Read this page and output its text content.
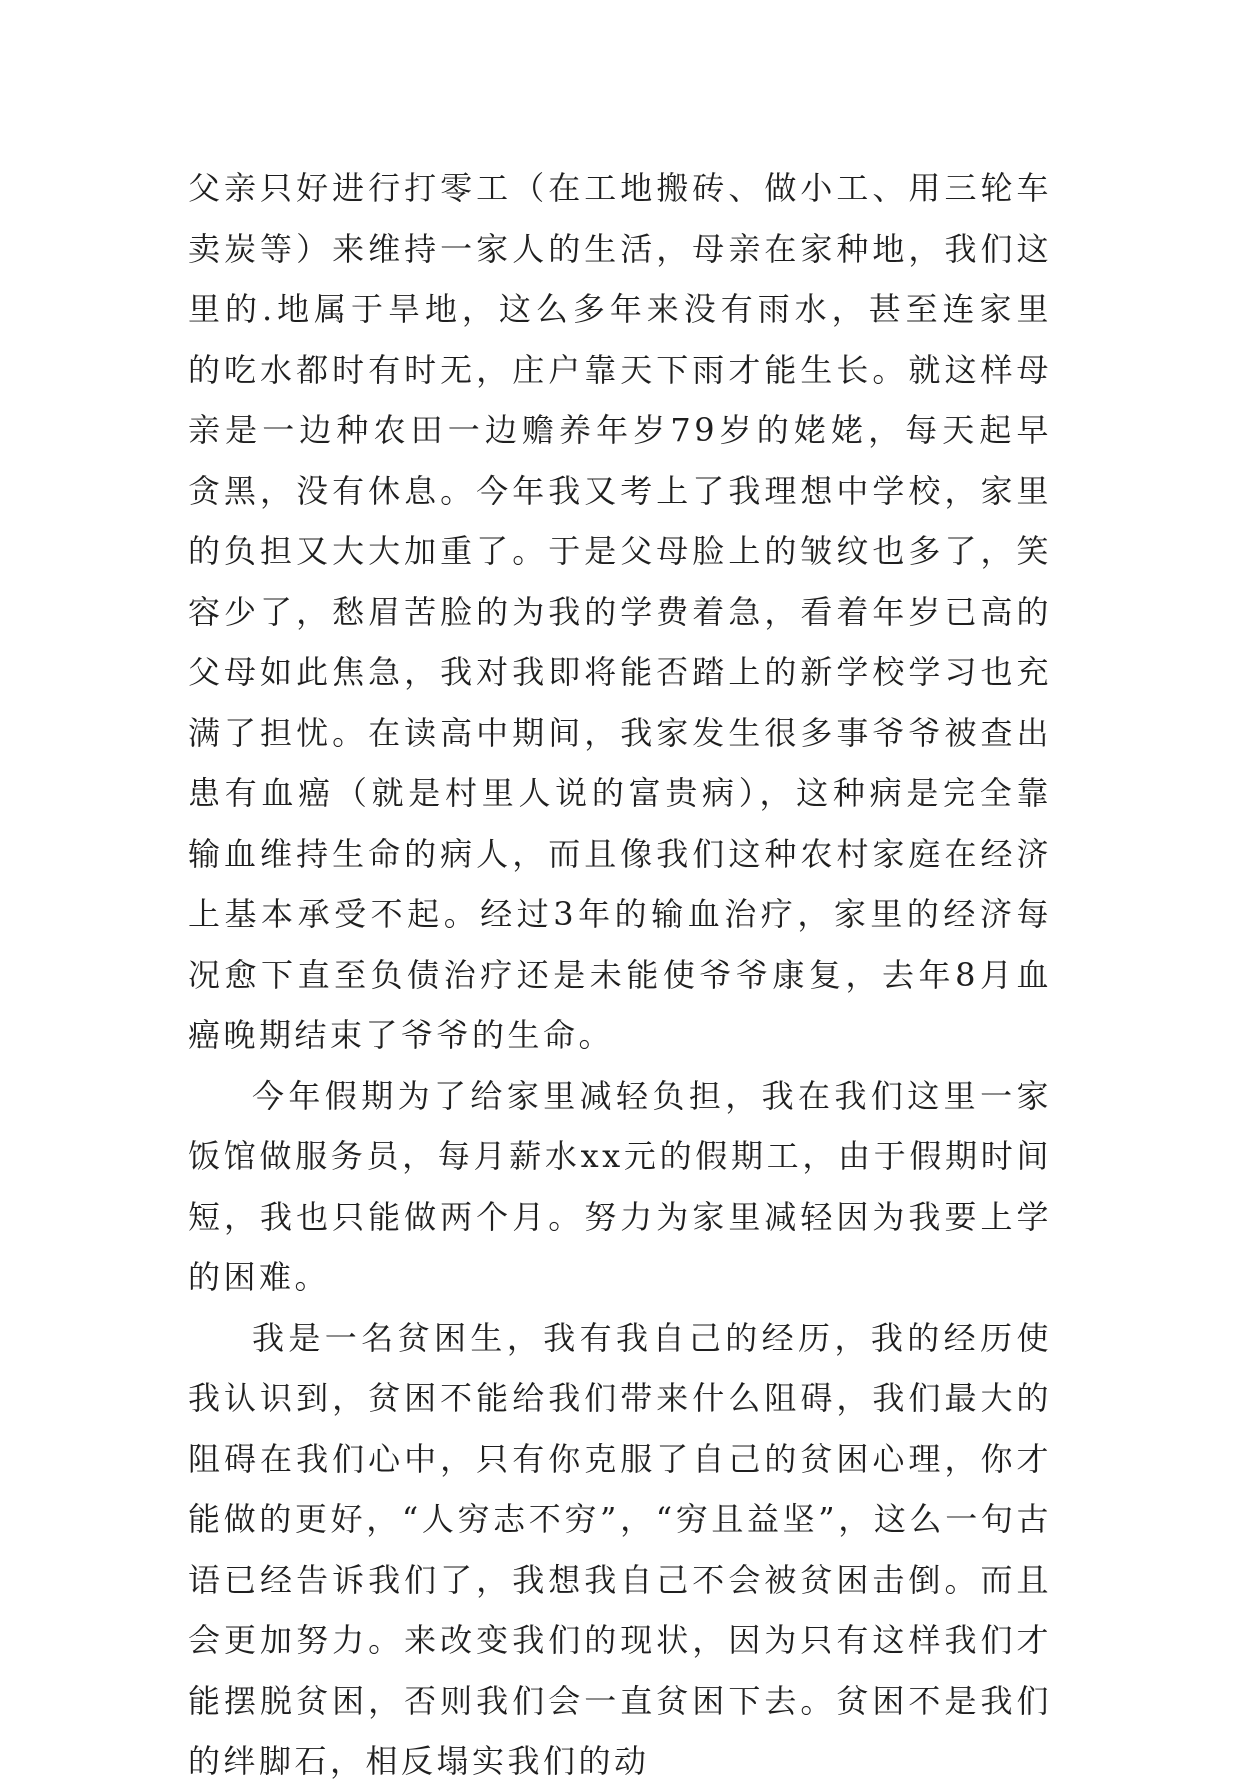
父亲只好进行打零工（在工地搬砖、做小工、用三轮车卖炭等）来维持一家人的生活，母亲在家种地，我们这里的.地属于旱地，这么多年来没有雨水，甚至连家里的吃水都时有时无，庄户靠天下雨才能生长。就这样母亲是一边种农田一边赡养年岁79岁的姥姥，每天起早贪黑，没有休息。今年我又考上了我理想中学校，家里的负担又大大加重了。于是父母脸上的皱纹也多了，笑容少了，愁眉苦脸的为我的学费着急，看着年岁已高的父母如此焦急，我对我即将能否踏上的新学校学习也充满了担忧。在读高中期间，我家发生很多事爷爷被查出患有血癌（就是村里人说的富贵病），这种病是完全靠输血维持生命的病人，而且像我们这种农村家庭在经济上基本承受不起。经过3年的输血治疗，家里的经济每况愈下直至负债治疗还是未能使爷爷康复，去年8月血癌晚期结束了爷爷的生命。

今年假期为了给家里减轻负担，我在我们这里一家饭馆做服务员，每月薪水xx元的假期工，由于假期时间短，我也只能做两个月。努力为家里减轻因为我要上学的困难。

我是一名贫困生，我有我自己的经历，我的经历使我认识到，贫困不能给我们带来什么阻碍，我们最大的阻碍在我们心中，只有你克服了自己的贫困心理，你才能做的更好，“人穷志不穷”，“穷且益坚”，这么一句古语已经告诉我们了，我想我自己不会被贫困击倒。而且会更加努力。来改变我们的现状，因为只有这样我们才能摆脱贫困，否则我们会一直贫困下去。贫困不是我们的绊脚石，相反塌实我们的动
